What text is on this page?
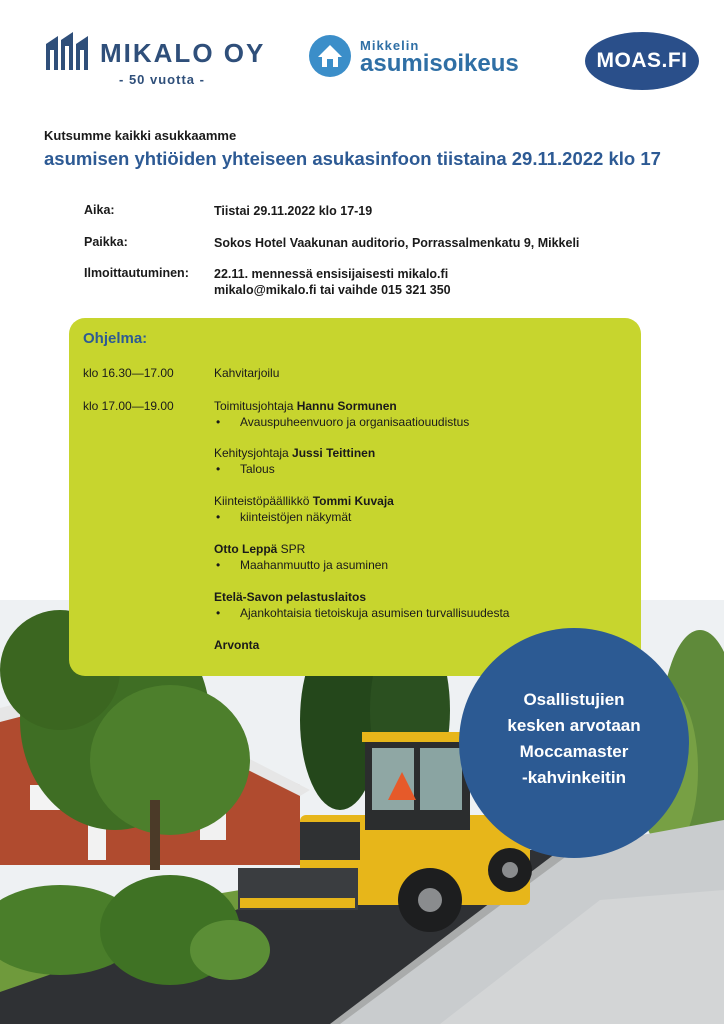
MIKALO OY
- 50 vuotta -
Mikkelin
asumisoikeus	MOAS.FI
Kutsumme kaikki asukkaamme
asumisen yhtiöiden yhteiseen asukasinfoon tiistaina 29.11.2022 klo 17
Aika:	Tiistai 29.11.2022 klo 17-19
Paikka:	Sokos Hotel Vaakunan auditorio, Porrassalmenkatu 9, Mikkeli
Ilmoittautuminen: 22.11. mennessä ensisijaisesti mikalo.fi
mikalo@mikalo.fi tai vaihde 015 321 350
Ohjelma:
klo 16.30—17.00	Kahvitarjoilu
klo 17.00—19.00	Toimitusjohtaja Hannu Sormunen
• Avauspuheenvuoro ja organisaatiouudistus
Kehitysjohtaja Jussi Teittinen
• Talous
Kiinteistöpäällikkö Tommi Kuvaja
• kiinteistöjen näkymät
Otto Leppä SPR
• Maahanmuutto ja asuminen
Etelä-Savon pelastuslaitos
• Ajankohtaisia tietoiskuja asumisen turvallisuudesta
Arvonta
Osallistujien
kesken arvotaan
Moccamaster
-kahvinkeitin
